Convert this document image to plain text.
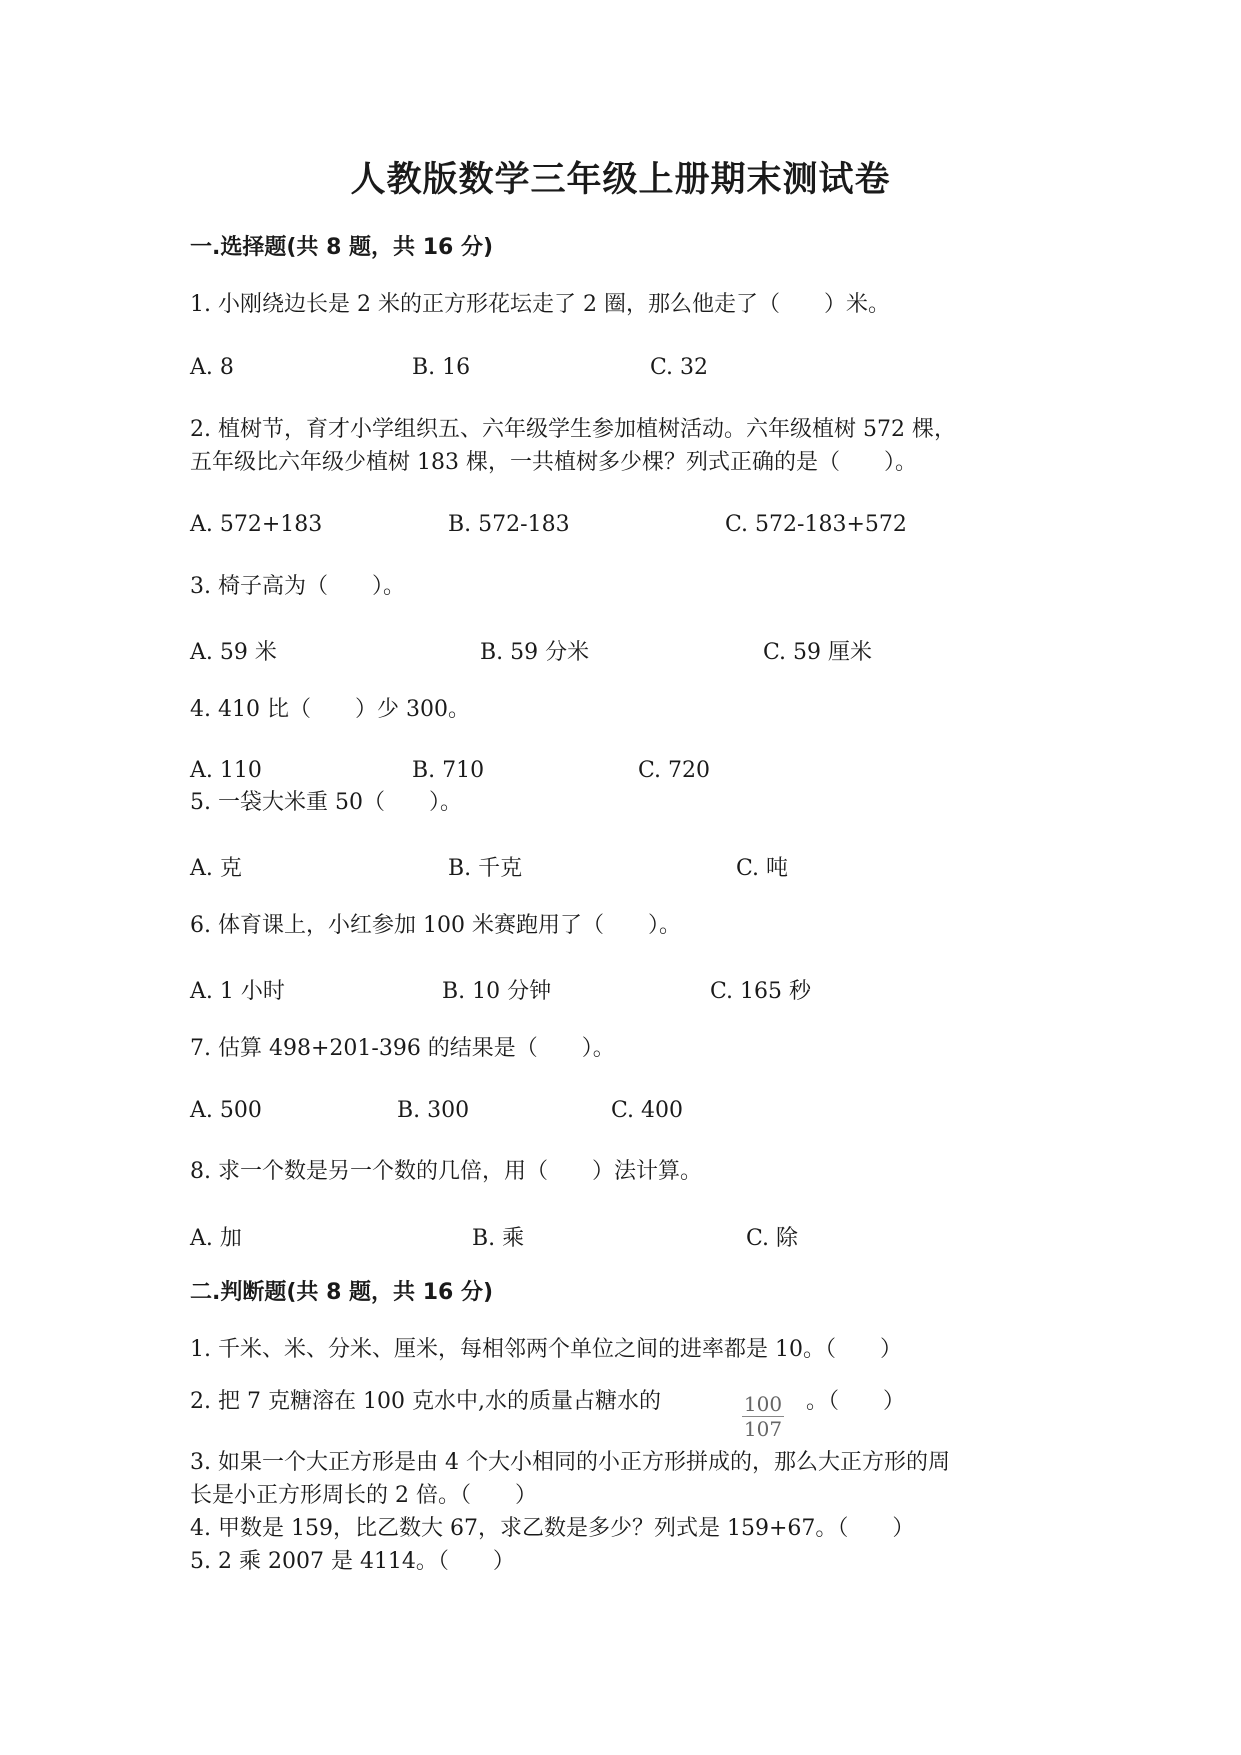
人教版数学三年级上册期末测试卷
一.选择题(共 8 题，共 16 分)
1. 小刚绕边长是 2 米的正方形花坛走了 2 圈，那么他走了（　　）米。
A. 8	B. 16	C. 32
2. 植树节，育才小学组织五、六年级学生参加植树活动。六年级植树 572 棵，
五年级比六年级少植树 183 棵，一共植树多少棵？列式正确的是（　　）。
A. 572+183	B. 572-183	C. 572-183+572
3. 椅子高为（　　）。
A. 59 米	B. 59 分米	C. 59 厘米
4. 410 比（　　）少 300。
A. 110	B. 710	C. 720
5. 一袋大米重 50（　　）。
A. 克	B. 千克	C. 吨
6. 体育课上，小红参加 100 米赛跑用了（　　）。
A. 1 小时	B. 10 分钟	C. 165 秒
7. 估算 498+201-396 的结果是（　　）。
A. 500	B. 300	C. 400
8. 求一个数是另一个数的几倍，用（　　）法计算。
A. 加	B. 乘	C. 除
二.判断题(共 8 题，共 16 分)
1. 千米、米、分米、厘米，每相邻两个单位之间的进率都是 10。（　　）
2. 把 7 克糖溶在 100 克水中,水的质量占糖水的	100
107
。（　　）
3. 如果一个大正方形是由 4 个大小相同的小正方形拼成的，那么大正方形的周
长是小正方形周长的 2 倍。（　　）
4. 甲数是 159，比乙数大 67，求乙数是多少？列式是 159+67。（　　）
5. 2 乘 2007 是 4114。（　　）
